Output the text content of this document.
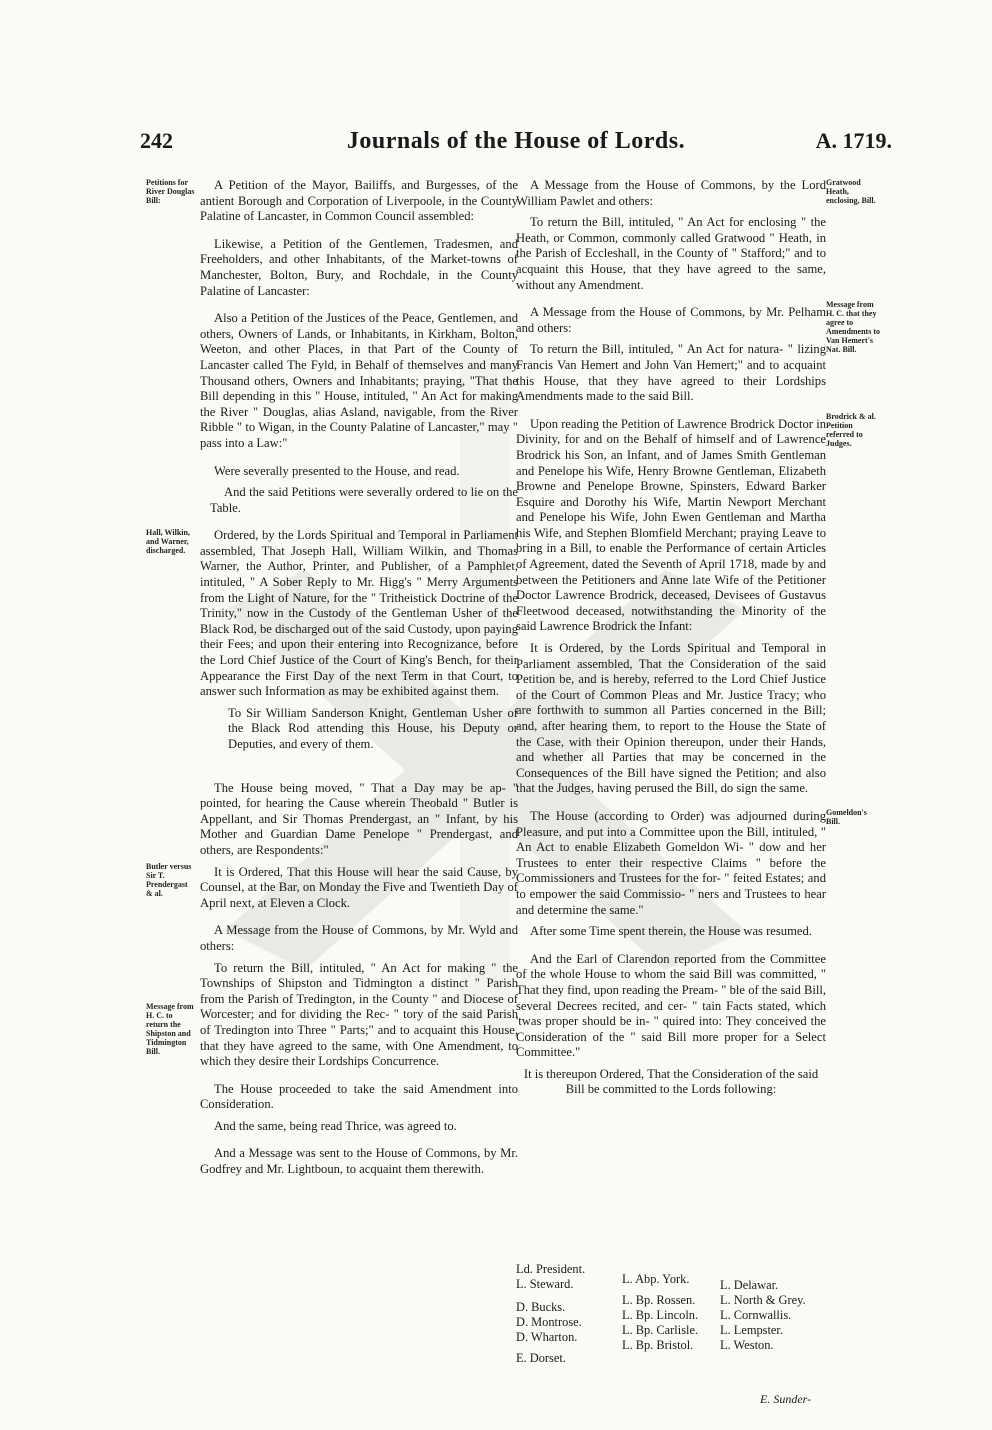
242	Journals of the House of Lords.	A. 1719.
Petitions for River Douglas Bill:
Hall, Wilkin, and Warner, discharged.
Butler versus Sir T. Prendergast & al.
Message from H. C. to return the Shipston and Tidmington Bill.

A Petition of the Mayor, Bailiffs, and Burgesses, of the antient Borough and Corporation of Liverpoole, in the County Palatine of Lancaster, in Common Council assembled:

Likewise, a Petition of the Gentlemen, Tradesmen, and Freeholders, and other Inhabitants, of the Market-towns of Manchester, Bolton, Bury, and Rochdale, in the County Palatine of Lancaster:

Also a Petition of the Justices of the Peace, Gentlemen, and others, Owners of Lands, or Inhabitants, in Kirkham, Bolton, Weeton, and other Places, in that Part of the County of Lancaster called The Fyld, in Behalf of themselves and many Thousand others, Owners and Inhabitants; praying, "That the Bill depending in this " House, intituled, " An Act for making the River " Douglas, alias Asland, navigable, from the River Ribble " to Wigan, in the County Palatine of Lancaster," may " pass into a Law:"

Were severally presented to the House, and read.

And the said Petitions were severally ordered to lie on the Table.

Ordered, by the Lords Spiritual and Temporal in Parliament assembled, That Joseph Hall, William Wilkin, and Thomas Warner, the Author, Printer, and Publisher, of a Pamphlet, intituled, " A Sober Reply to Mr. Higg's " Merry Arguments from the Light of Nature, for the " Tritheistick Doctrine of the Trinity," now in the Custody of the Gentleman Usher of the Black Rod, be discharged out of the said Custody, upon paying their Fees; and upon their entering into Recognizance, before the Lord Chief Justice of the Court of King's Bench, for their Appearance the First Day of the next Term in that Court, to answer such Information as may be exhibited against them.

To Sir William Sanderson Knight, Gentleman Usher of the Black Rod attending this House, his Deputy or Deputies, and every of them.

The House being moved, " That a Day may be ap- " pointed, for hearing the Cause wherein Theobald " Butler is Appellant, and Sir Thomas Prendergast, an " Infant, by his Mother and Guardian Dame Penelope " Prendergast, and others, are Respondents:"

It is Ordered, That this House will hear the said Cause, by Counsel, at the Bar, on Monday the Five and Twentieth Day of April next, at Eleven a Clock.

A Message from the House of Commons, by Mr. Wyld and others:

To return the Bill, intituled, " An Act for making " the Townships of Shipston and Tidmington a distinct " Parish from the Parish of Tredington, in the County " and Diocese of Worcester; and for dividing the Rec- " tory of the said Parish of Tredington into Three " Parts;" and to acquaint this House, that they have agreed to the same, with One Amendment, to which they desire their Lordships Concurrence.

The House proceeded to take the said Amendment into Consideration.

And the same, being read Thrice, was agreed to.

And a Message was sent to the House of Commons, by Mr. Godfrey and Mr. Lightboun, to acquaint them therewith.

Gratwood Heath, enclosing, Bill.
Message from H. C. that they agree to Amendments to Van Hemert's Nat. Bill.
Brodrick & al. Petition referred to Judges.
Gomeldon's Bill.

A Message from the House of Commons, by the Lord William Pawlet and others:

To return the Bill, intituled, " An Act for enclosing " the Heath, or Common, commonly called Gratwood " Heath, in the Parish of Eccleshall, in the County of " Stafford;" and to acquaint this House, that they have agreed to the same, without any Amendment.

A Message from the House of Commons, by Mr. Pelham and others:

To return the Bill, intituled, " An Act for natura- " lizing Francis Van Hemert and John Van Hemert;" and to acquaint this House, that they have agreed to their Lordships Amendments made to the said Bill.

Upon reading the Petition of Lawrence Brodrick Doctor in Divinity, for and on the Behalf of himself and of Lawrence Brodrick his Son, an Infant, and of James Smith Gentleman and Penelope his Wife, Henry Browne Gentleman, Elizabeth Browne and Penelope Browne, Spinsters, Edward Barker Esquire and Dorothy his Wife, Martin Newport Merchant and Penelope his Wife, John Ewen Gentleman and Martha his Wife, and Stephen Blomfield Merchant; praying Leave to bring in a Bill, to enable the Performance of certain Articles of Agreement, dated the Seventh of April 1718, made by and between the Petitioners and Anne late Wife of the Petitioner Doctor Lawrence Brodrick, deceased, Devisees of Gustavus Fleetwood deceased, notwithstanding the Minority of the said Lawrence Brodrick the Infant:

It is Ordered, by the Lords Spiritual and Temporal in Parliament assembled, That the Consideration of the said Petition be, and is hereby, referred to the Lord Chief Justice of the Court of Common Pleas and Mr. Justice Tracy; who are forthwith to summon all Parties concerned in the Bill; and, after hearing them, to report to the House the State of the Case, with their Opinion thereupon, under their Hands, and whether all Parties that may be concerned in the Consequences of the Bill have signed the Petition; and also that the Judges, having perused the Bill, do sign the same.

The House (according to Order) was adjourned during Pleasure, and put into a Committee upon the Bill, intituled, " An Act to enable Elizabeth Gomeldon Wi- " dow and her Trustees to enter their respective Claims " before the Commissioners and Trustees for the for- " feited Estates; and to empower the said Commissio- " ners and Trustees to hear and determine the same."

After some Time spent therein, the House was resumed.

And the Earl of Clarendon reported from the Committee of the whole House to whom the said Bill was committed, " That they find, upon reading the Pream- " ble of the said Bill, several Decrees recited, and cer- " tain Facts stated, which 'twas proper should be in- " quired into: They conceived the Consideration of the " said Bill more proper for a Select Committee."

It is thereupon Ordered, That the Consideration of the said Bill be committed to the Lords following:

Ld. President.
L. Steward.
D. Bucks.
D. Montrose.
D. Wharton.
E. Dorset.
L. Abp. York.
L. Bp. Rossen.
L. Bp. Lincoln.
L. Bp. Carlisle.
L. Bp. Bristol.
L. Delawar.
L. North & Grey.
L. Cornwallis.
L. Lempster.
L. Weston.
E. Sunder-
